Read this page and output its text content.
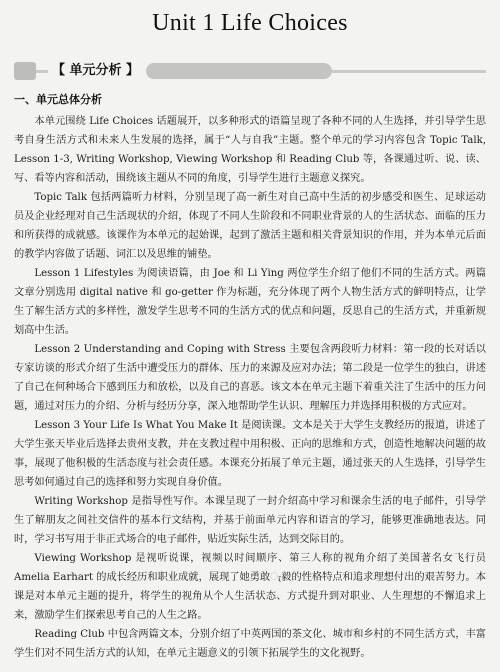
Unit 1 Life Choices
【 单元分析 】
一、单元总体分析

本单元围绕 Life Choices 话题展开，以多种形式的语篇呈现了各种不同的人生选择，并引导学生思考自身生活方式和未来人生发展的选择，属于“人与自我”主题。整个单元的学习内容包含 Topic Talk, Lesson 1-3, Writing Workshop, Viewing Workshop 和 Reading Club 等，各课通过听、说、读、写、看等内容和活动，围绕该主题从不同的角度，引导学生进行主题意义探究。

Topic Talk 包括两篇听力材料，分别呈现了高一新生对自己高中生活的初步感受和医生、足球运动员及企业经理对自己生活现状的介绍，体现了不同人生阶段和不同职业背景的人的生活状态、面临的压力和所获得的成就感。该课作为本单元的起始课，起到了激活主题和相关背景知识的作用，并为本单元后面的教学内容做了话题、词汇以及思维的铺垫。

Lesson 1 Lifestyles 为阅读语篇，由 Joe 和 Li Ying 两位学生介绍了他们不同的生活方式。两篇文章分别选用 digital native 和 go-getter 作为标题，充分体现了两个人物生活方式的鲜明特点，让学生了解生活方式的多样性，激发学生思考不同的生活方式的优点和问题，反思自己的生活方式，并重新规划高中生活。

Lesson 2 Understanding and Coping with Stress 主要包含两段听力材料：第一段的长对话以专家访谈的形式介绍了生活中遭受压力的群体、压力的来源及应对办法；第二段是一位学生的独白，讲述了自己在何种场合下感到压力和放松，以及自己的喜恶。该文本在单元主题下着重关注了生活中的压力问题，通过对压力的介绍、分析与经历分享，深入地帮助学生认识、理解压力并选择用积极的方式应对。

Lesson 3 Your Life Is What You Make It 是阅读课。文本是关于大学生支教经历的报道，讲述了大学生张天毕业后选择去贵州支教，并在支教过程中用积极、正向的思维和方式，创造性地解决问题的故事，展现了他积极的生活态度与社会责任感。本课充分拓展了单元主题，通过张天的人生选择，引导学生思考如何通过自己的选择和努力实现自身价值。

Writing Workshop 是指导性写作。本课呈现了一封介绍高中学习和课余生活的电子邮件，引导学生了解朋友之间社交信件的基本行文结构，并基于前面单元内容和语言的学习，能够更准确地表达。同时，学习书写用于非正式场合的电子邮件，贴近实际生活，达到交际目的。

Viewing Workshop 是视听说课，视频以时间顺序、第三人称的视角介绍了美国著名女飞行员 Amelia Earhart 的成长经历和职业成就，展现了她勇敢ැ毅的性格特点和追求理想付出的艰苦努力。本课是对本单元主题的提升，将学生的视角从个人生活状态、方式提升到对职业、人生理想的不懈追求上来，激励学生们探索思考自己的人生之路。

Reading Club 中包含两篇文本，分别介绍了中英两国的茶文化、城市和乡村的不同生活方式，丰富学生们对不同生活方式的认知，在单元主题意义的引领下拓展学生的文化视野。
